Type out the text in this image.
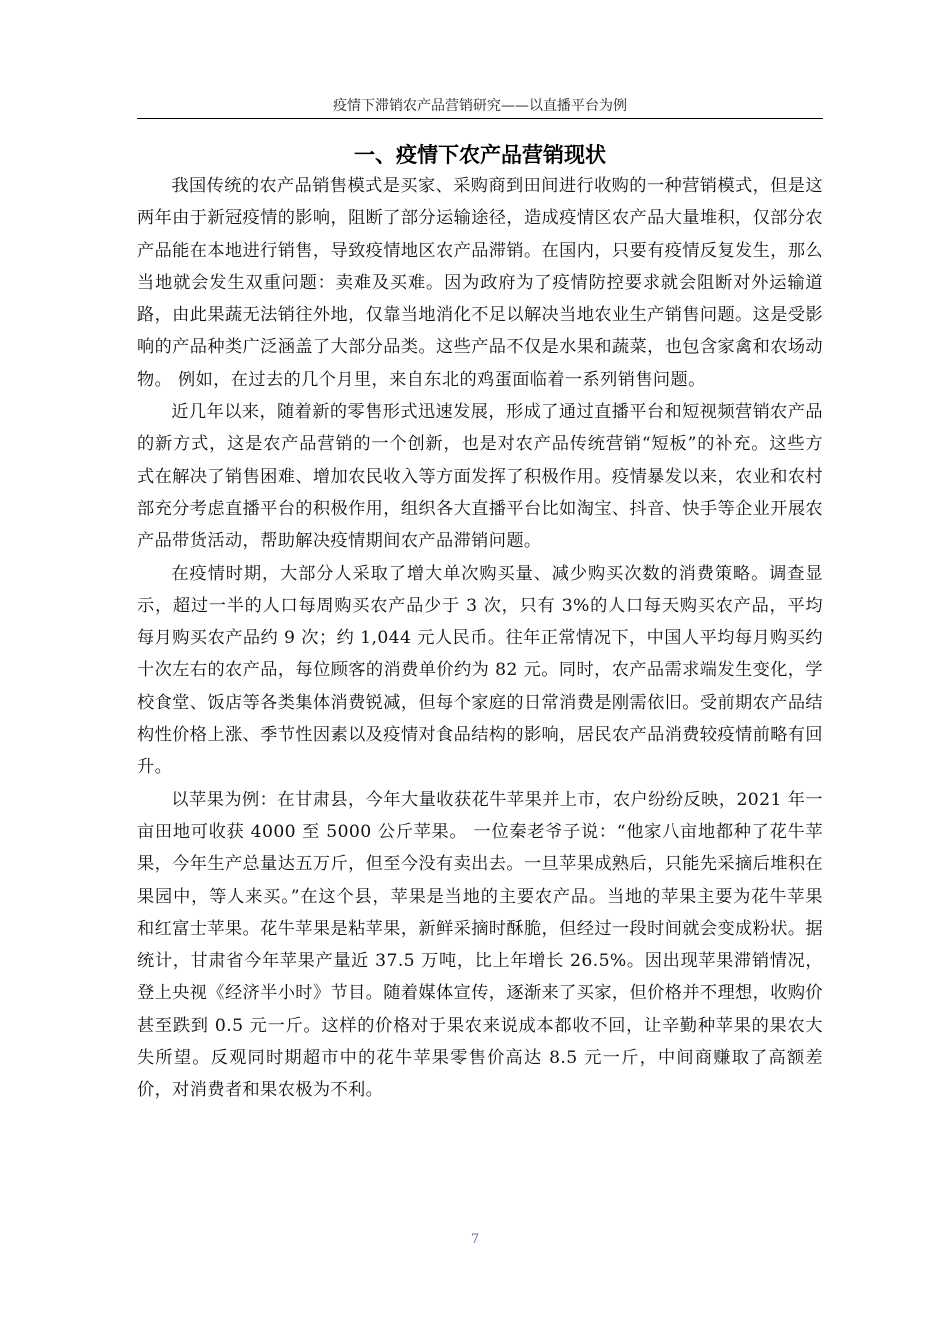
疫情下滞销农产品营销研究——以直播平台为例
一、疫情下农产品营销现状

我国传统的农产品销售模式是买家、采购商到田间进行收购的一种营销模式，但是这两年由于新冠疫情的影响，阻断了部分运输途径，造成疫情区农产品大量堆积，仅部分农产品能在本地进行销售，导致疫情地区农产品滞销。在国内，只要有疫情反复发生，那么当地就会发生双重问题：卖难及买难。因为政府为了疫情防控要求就会阻断对外运输道路，由此果蔬无法销往外地，仅靠当地消化不足以解决当地农业生产销售问题。这是受影响的产品种类广泛涵盖了大部分品类。这些产品不仅是水果和蔬菜，也包含家禽和农场动物。 例如，在过去的几个月里，来自东北的鸡蛋面临着一系列销售问题。

近几年以来，随着新的零售形式迅速发展，形成了通过直播平台和短视频营销农产品的新方式，这是农产品营销的一个创新，也是对农产品传统营销“短板”的补充。这些方式在解决了销售困难、增加农民收入等方面发挥了积极作用。疫情暴发以来，农业和农村部充分考虑直播平台的积极作用，组织各大直播平台比如淘宝、抖音、快手等企业开展农产品带货活动，帮助解决疫情期间农产品滞销问题。

在疫情时期，大部分人采取了增大单次购买量、减少购买次数的消费策略。调查显示，超过一半的人口每周购买农产品少于 3 次，只有 3%的人口每天购买农产品，平均每月购买农产品约 9 次；约 1,044 元人民币。往年正常情况下，中国人平均每月购买约十次左右的农产品，每位顾客的消费单价约为 82 元。同时，农产品需求端发生变化，学校食堂、饭店等各类集体消费锐减，但每个家庭的日常消费是刚需依旧。受前期农产品结构性价格上涨、季节性因素以及疫情对食品结构的影响，居民农产品消费较疫情前略有回升。

以苹果为例：在甘肃县，今年大量收获花牛苹果并上市，农户纷纷反映，2021 年一亩田地可收获 4000 至 5000 公斤苹果。 一位秦老爷子说：“他家八亩地都种了花牛苹果，今年生产总量达五万斤，但至今没有卖出去。一旦苹果成熟后，只能先采摘后堆积在果园中，等人来买。”在这个县，苹果是当地的主要农产品。当地的苹果主要为花牛苹果和红富士苹果。花牛苹果是粘苹果，新鲜采摘时酥脆，但经过一段时间就会变成粉状。据统计，甘肃省今年苹果产量近 37.5 万吨，比上年增长 26.5%。因出现苹果滞销情况，登上央视《经济半小时》节目。随着媒体宣传，逐渐来了买家，但价格并不理想，收购价甚至跌到 0.5 元一斤。这样的价格对于果农来说成本都收不回，让辛勤种苹果的果农大失所望。反观同时期超市中的花牛苹果零售价高达 8.5 元一斤，中间商赚取了高额差价，对消费者和果农极为不利。

7
